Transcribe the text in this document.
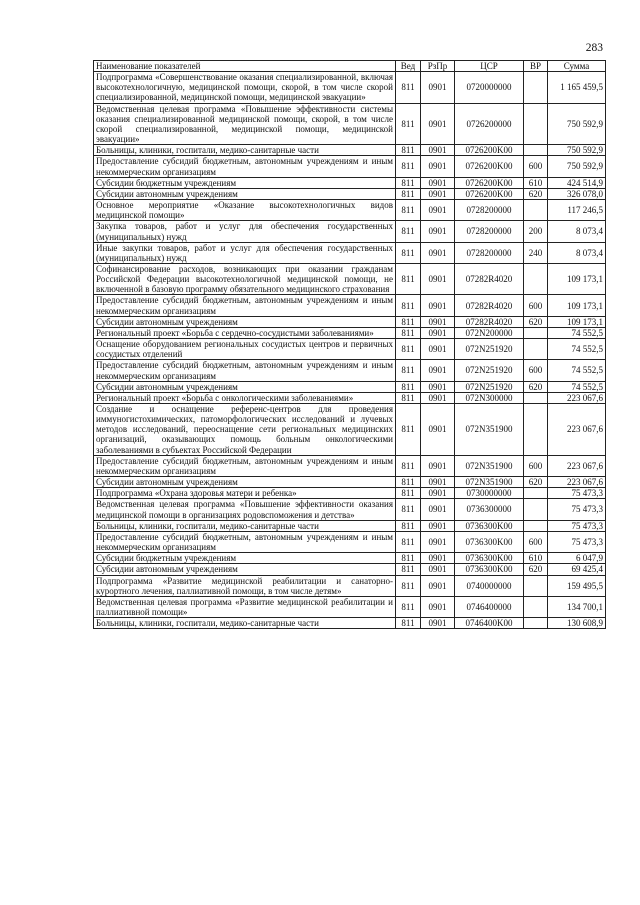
283
Наименование показателей	Вед	РзПр	ЦСР	ВР	Сумма
Подпрограмма «Совершенствование оказания специализированной, включая высокотехнологичную, медицинской помощи, скорой, в том числе скорой специализированной, медицинской помощи, медицинской эвакуации»	811	0901	0720000000		1 165 459,5
Ведомственная целевая программа «Повышение эффективности системы оказания специализированной медицинской помощи, скорой, в том числе скорой специализированной, медицинской помощи, медицинской эвакуации»	811	0901	0726200000		750 592,9
Больницы, клиники, госпитали, медико-санитарные части	811	0901	0726200K00		750 592,9
Предоставление субсидий бюджетным, автономным учреждениям и иным некоммерческим организациям	811	0901	0726200K00	600	750 592,9
Субсидии бюджетным учреждениям	811	0901	0726200K00	610	424 514,9
Субсидии автономным учреждениям	811	0901	0726200K00	620	326 078,0
Основное мероприятие «Оказание высокотехнологичных видов медицинской помощи»	811	0901	0728200000		117 246,5
Закупка товаров, работ и услуг для обеспечения государственных (муниципальных) нужд	811	0901	0728200000	200	8 073,4
Иные закупки товаров, работ и услуг для обеспечения государственных (муниципальных) нужд	811	0901	0728200000	240	8 073,4
Софинансирование расходов, возникающих при оказании гражданам Российской Федерации высокотехнологичной медицинской помощи, не включенной в базовую программу обязательного медицинского страхования	811	0901	07282R4020		109 173,1
Предоставление субсидий бюджетным, автономным учреждениям и иным некоммерческим организациям	811	0901	07282R4020	600	109 173,1
Субсидии автономным учреждениям	811	0901	07282R4020	620	109 173,1
Региональный проект «Борьба с сердечно-сосудистыми заболеваниями»	811	0901	072N200000		74 552,5
Оснащение оборудованием региональных сосудистых центров и первичных сосудистых отделений	811	0901	072N251920		74 552,5
Предоставление субсидий бюджетным, автономным учреждениям и иным некоммерческим организациям	811	0901	072N251920	600	74 552,5
Субсидии автономным учреждениям	811	0901	072N251920	620	74 552,5
Региональный проект «Борьба с онкологическими заболеваниями»	811	0901	072N300000		223 067,6
Создание и оснащение референс-центров для проведения иммуногистохимических, патоморфологических исследований и лучевых методов исследований, переоснащение сети региональных медицинских организаций, оказывающих помощь больным онкологическими заболеваниями в субъектах Российской Федерации	811	0901	072N351900		223 067,6
Предоставление субсидий бюджетным, автономным учреждениям и иным некоммерческим организациям	811	0901	072N351900	600	223 067,6
Субсидии автономным учреждениям	811	0901	072N351900	620	223 067,6
Подпрограмма «Охрана здоровья матери и ребенка»	811	0901	0730000000		75 473,3
Ведомственная целевая программа «Повышение эффективности оказания медицинской помощи в организациях родовспоможения и детства»	811	0901	0736300000		75 473,3
Больницы, клиники, госпитали, медико-санитарные части	811	0901	0736300K00		75 473,3
Предоставление субсидий бюджетным, автономным учреждениям и иным некоммерческим организациям	811	0901	0736300K00	600	75 473,3
Субсидии бюджетным учреждениям	811	0901	0736300K00	610	6 047,9
Субсидии автономным учреждениям	811	0901	0736300K00	620	69 425,4
Подпрограмма «Развитие медицинской реабилитации и санаторно-курортного лечения, паллиативной помощи, в том числе детям»	811	0901	0740000000		159 495,5
Ведомственная целевая программа «Развитие медицинской реабилитации и паллиативной помощи»	811	0901	0746400000		134 700,1
Больницы, клиники, госпитали, медико-санитарные части	811	0901	0746400K00		130 608,9
